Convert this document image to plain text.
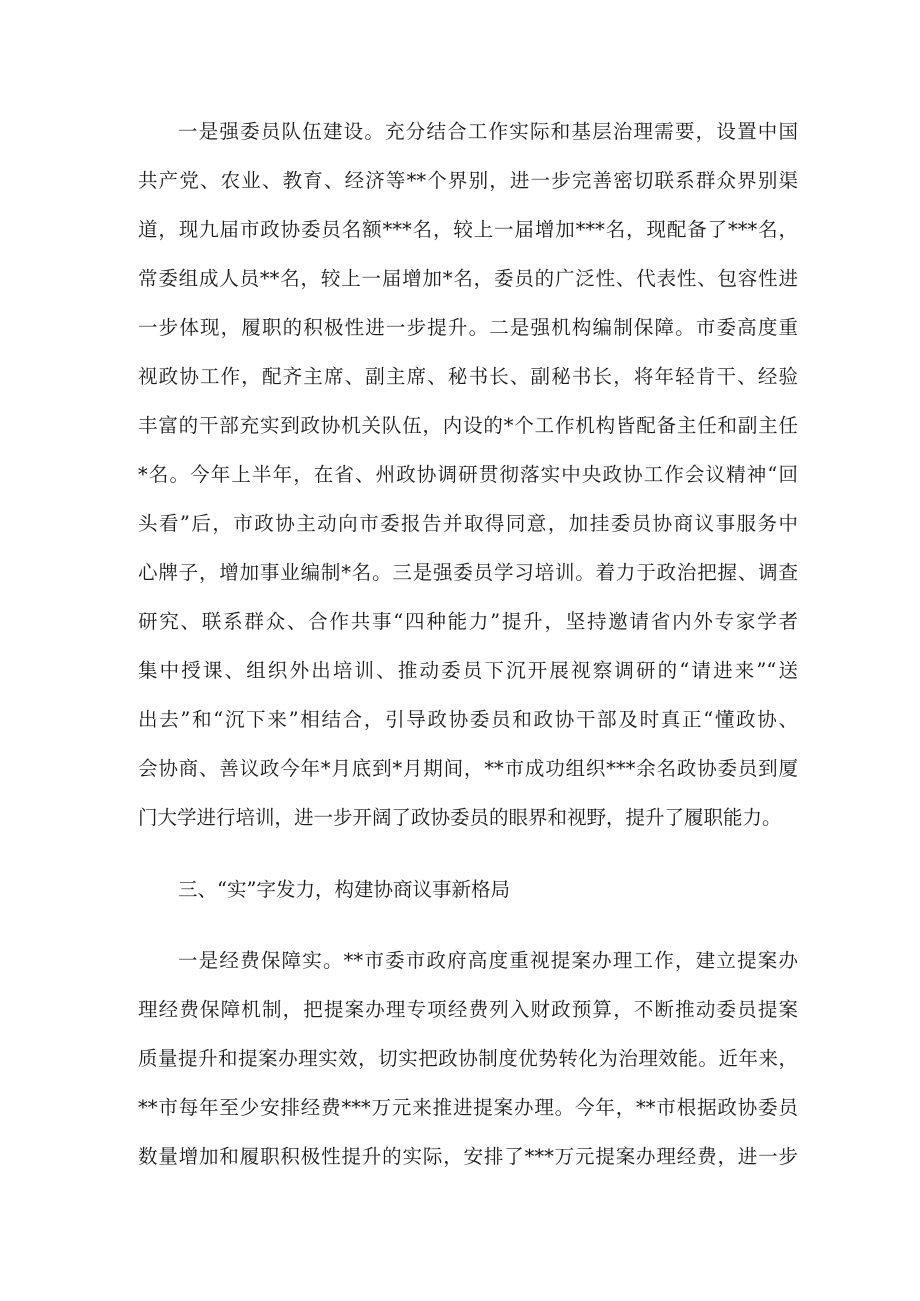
一是强委员队伍建设。充分结合工作实际和基层治理需要，设置中国
共产党、农业、教育、经济等**个界别，进一步完善密切联系群众界别渠
道，现九届市政协委员名额***名，较上一届增加***名，现配备了***名，
常委组成人员**名，较上一届增加*名，委员的广泛性、代表性、包容性进
一步体现，履职的积极性进一步提升。二是强机构编制保障。市委高度重
视政协工作，配齐主席、副主席、秘书长、副秘书长，将年轻肯干、经验
丰富的干部充实到政协机关队伍，内设的*个工作机构皆配备主任和副主任
*名。今年上半年，在省、州政协调研贯彻落实中央政协工作会议精神“回
头看”后，市政协主动向市委报告并取得同意，加挂委员协商议事服务中
心牌子，增加事业编制*名。三是强委员学习培训。着力于政治把握、调查
研究、联系群众、合作共事“四种能力”提升，坚持邀请省内外专家学者
集中授课、组织外出培训、推动委员下沉开展视察调研的“请进来”“送
出去”和“沉下来”相结合，引导政协委员和政协干部及时真正“懂政协、
会协商、善议政今年*月底到*月期间，**市成功组织***余名政协委员到厦
门大学进行培训，进一步开阔了政协委员的眼界和视野，提升了履职能力。
三、“实”字发力，构建协商议事新格局
一是经费保障实。**市委市政府高度重视提案办理工作，建立提案办
理经费保障机制，把提案办理专项经费列入财政预算，不断推动委员提案
质量提升和提案办理实效，切实把政协制度优势转化为治理效能。近年来，
**市每年至少安排经费***万元来推进提案办理。今年，**市根据政协委员
数量增加和履职积极性提升的实际，安排了***万元提案办理经费，进一步
